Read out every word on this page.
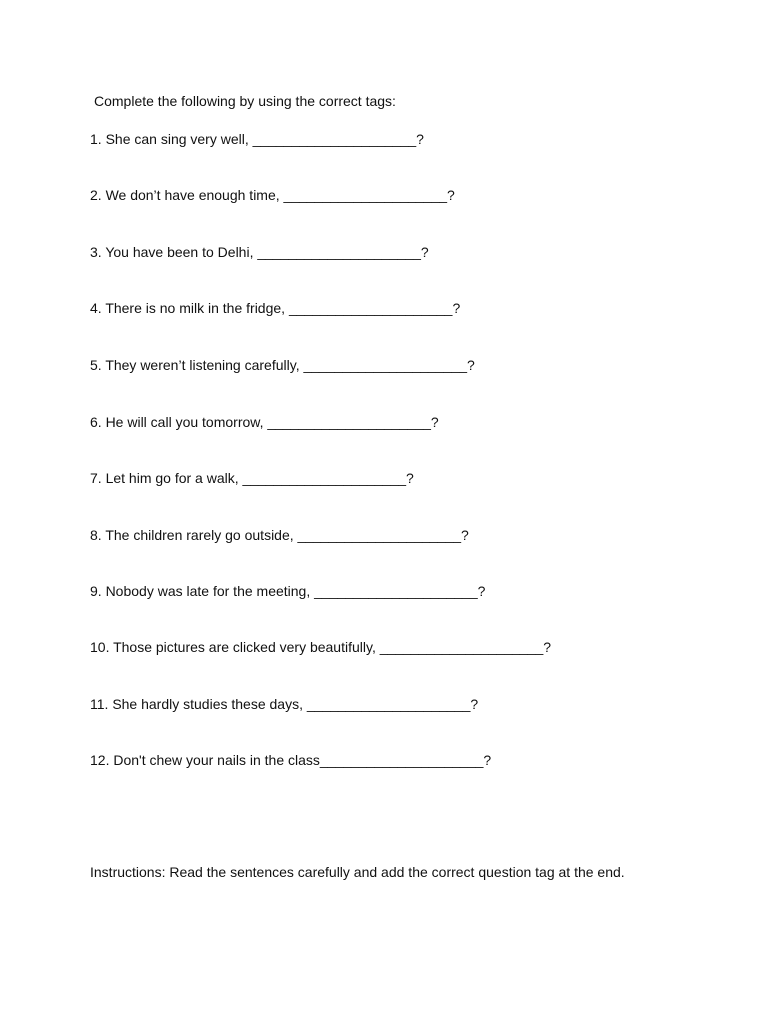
Complete the following by using the correct tags:

1. She can sing very well, _____________________?

2. We don’t have enough time, _____________________?

3. You have been to Delhi, _____________________?

4. There is no milk in the fridge, _____________________?

5. They weren’t listening carefully, _____________________?

6. He will call you tomorrow, _____________________?

7. Let him go for a walk, _____________________?

8. The children rarely go outside, _____________________?

9. Nobody was late for the meeting, _____________________?

10. Those pictures are clicked very beautifully, _____________________?

11. She hardly studies these days, _____________________?

12. Don't chew your nails in the class_____________________?

Instructions: Read the sentences carefully and add the correct question tag at the end.
